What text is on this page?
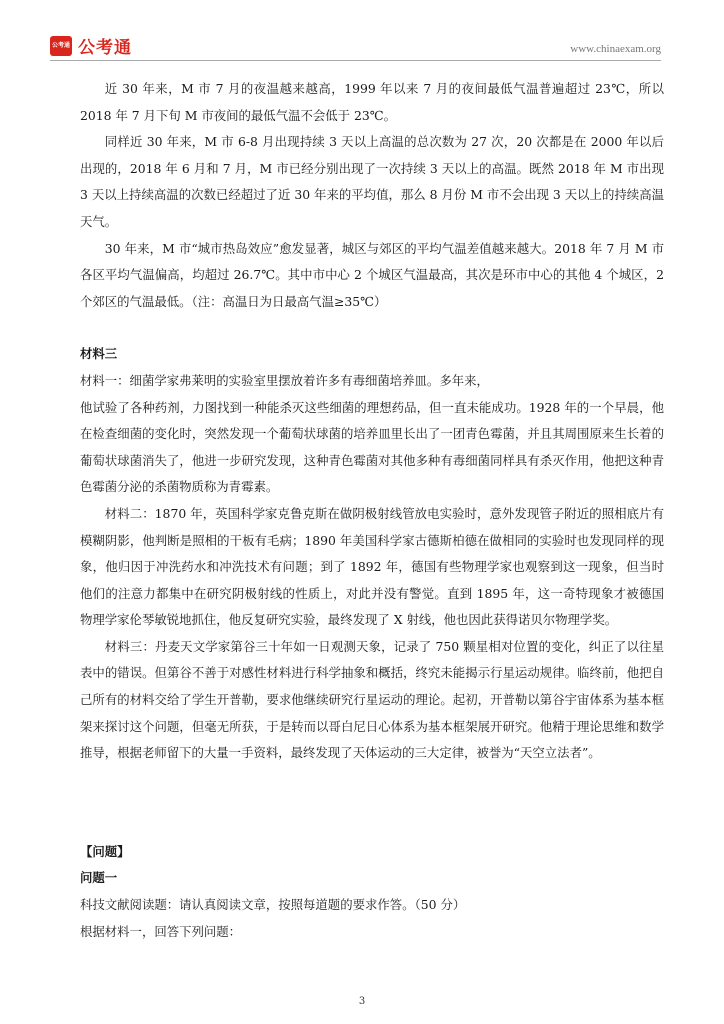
公考通 公考通	www.chinaexam.org

近 30 年来，M 市 7 月的夜温越来越高，1999 年以来 7 月的夜间最低气温普遍超过 23℃，所以 2018 年 7 月下旬 M 市夜间的最低气温不会低于 23℃。

同样近 30 年来，M 市 6-8 月出现持续 3 天以上高温的总次数为 27 次，20 次都是在 2000 年以后出现的，2018 年 6 月和 7 月，M 市已经分别出现了一次持续 3 天以上的高温。既然 2018 年 M 市出现 3 天以上持续高温的次数已经超过了近 30 年来的平均值，那么 8 月份 M 市不会出现 3 天以上的持续高温天气。

30 年来，M 市“城市热岛效应”愈发显著，城区与郊区的平均气温差值越来越大。2018 年 7 月 M 市各区平均气温偏高，均超过 26.7℃。其中市中心 2 个城区气温最高，其次是环市中心的其他 4 个城区，2 个郊区的气温最低。（注：高温日为日最高气温≥35℃）

材料三

材料一：细菌学家弗莱明的实验室里摆放着许多有毒细菌培养皿。多年来，

他试验了各种药剂，力图找到一种能杀灭这些细菌的理想药品，但一直未能成功。1928 年的一个早晨，他在检查细菌的变化时，突然发现一个葡萄状球菌的培养皿里长出了一团青色霉菌，并且其周围原来生长着的葡萄状球菌消失了，他进一步研究发现，这种青色霉菌对其他多种有毒细菌同样具有杀灭作用，他把这种青色霉菌分泌的杀菌物质称为青霉素。

材料二：1870 年，英国科学家克鲁克斯在做阴极射线管放电实验时，意外发现管子附近的照相底片有模糊阴影，他判断是照相的干板有毛病；1890 年美国科学家古德斯柏德在做相同的实验时也发现同样的现象，他归因于冲洗药水和冲洗技术有问题；到了 1892 年，德国有些物理学家也观察到这一现象，但当时他们的注意力都集中在研究阴极射线的性质上，对此并没有警觉。直到 1895 年，这一奇特现象才被德国物理学家伦琴敏锐地抓住，他反复研究实验，最终发现了 X 射线，他也因此获得诺贝尔物理学奖。

材料三：丹麦天文学家第谷三十年如一日观测天象，记录了 750 颗星相对位置的变化，纠正了以往星表中的错误。但第谷不善于对感性材料进行科学抽象和概括，终究未能揭示行星运动规律。临终前，他把自己所有的材料交给了学生开普勒，要求他继续研究行星运动的理论。起初，开普勒以第谷宇宙体系为基本框架来探讨这个问题，但毫无所获，于是转而以哥白尼日心体系为基本框架展开研究。他精于理论思维和数学推导，根据老师留下的大量一手资料，最终发现了天体运动的三大定律，被誉为“天空立法者”。

【问题】

问题一

科技文献阅读题：请认真阅读文章，按照每道题的要求作答。（50 分）

根据材料一，回答下列问题：

3
